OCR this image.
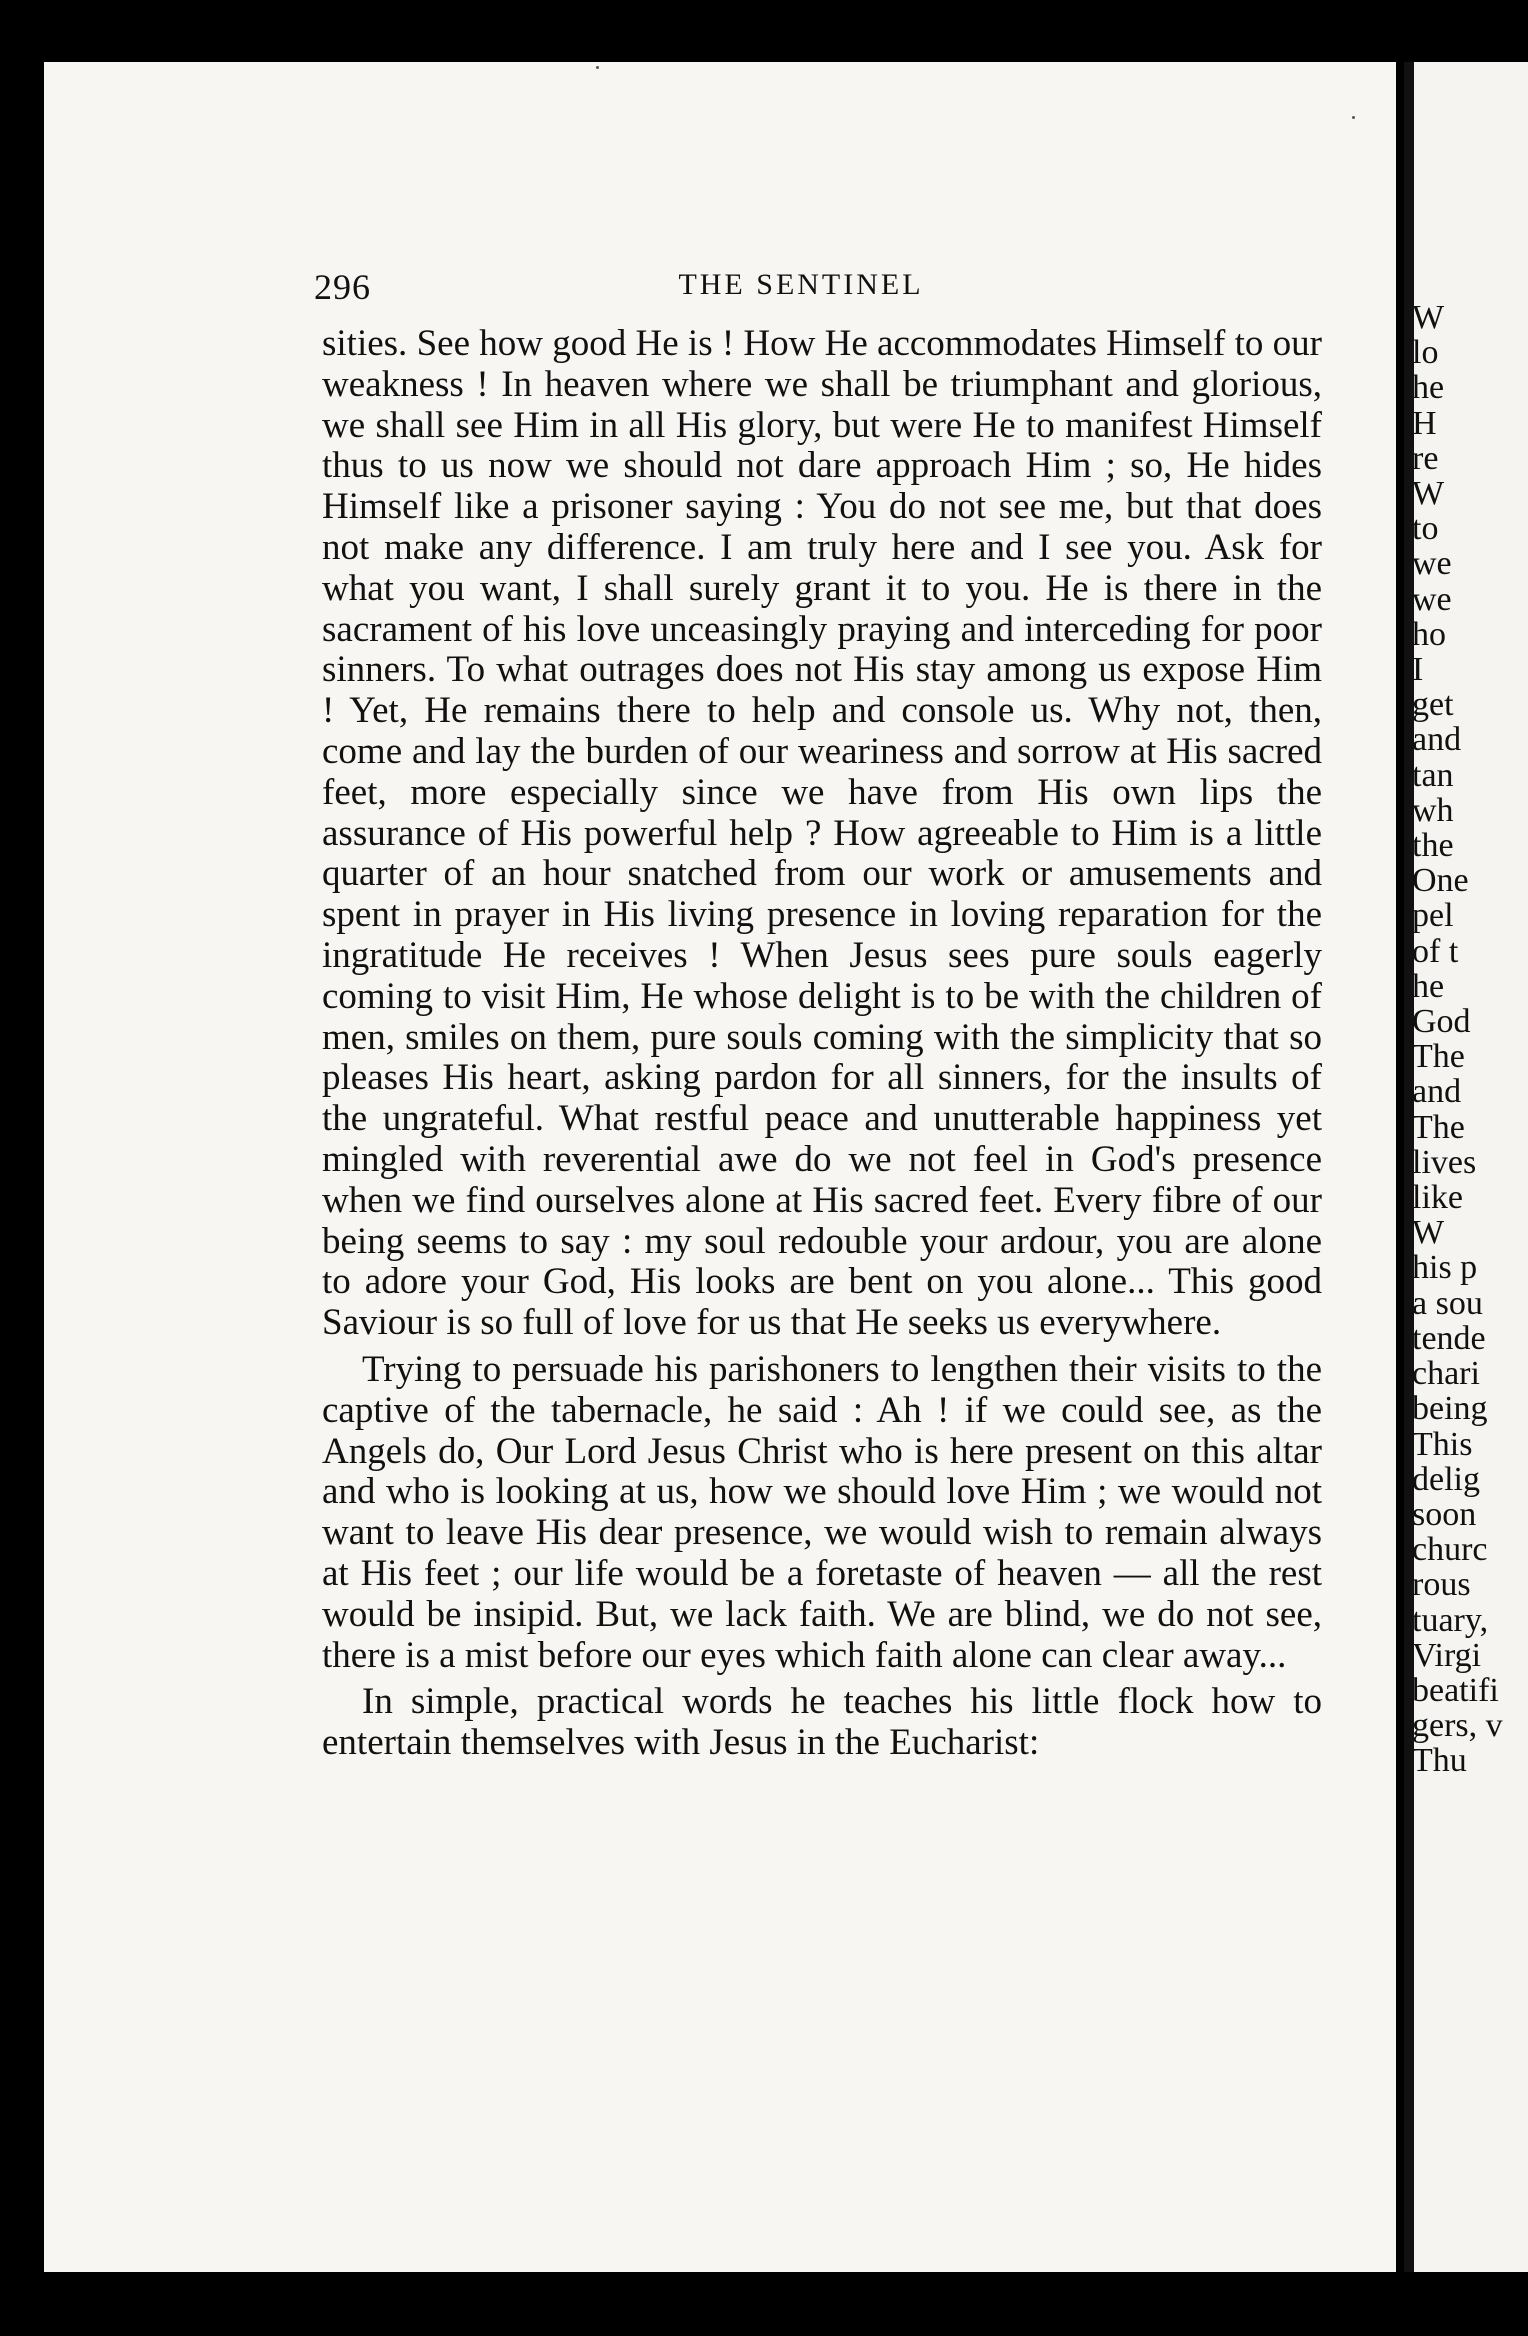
296	THE SENTINEL

sities. See how good He is ! How He accommodates Himself to our weakness ! In heaven where we shall be triumphant and glorious, we shall see Him in all His glory, but were He to manifest Himself thus to us now we should not dare approach Him ; so, He hides Himself like a prisoner saying : You do not see me, but that does not make any difference. I am truly here and I see you. Ask for what you want, I shall surely grant it to you. He is there in the sacrament of his love unceasingly praying and interceding for poor sinners. To what outrages does not His stay among us expose Him ! Yet, He remains there to help and console us. Why not, then, come and lay the burden of our weariness and sorrow at His sacred feet, more especially since we have from His own lips the assurance of His powerful help ? How agreeable to Him is a little quarter of an hour snatched from our work or amusements and spent in prayer in His living presence in loving reparation for the ingratitude He receives ! When Jesus sees pure souls eagerly coming to visit Him, He whose delight is to be with the children of men, smiles on them, pure souls coming with the simplicity that so pleases His heart, asking pardon for all sinners, for the insults of the ungrateful. What restful peace and unutterable happiness yet mingled with reverential awe do we not feel in God's presence when we find ourselves alone at His sacred feet. Every fibre of our being seems to say : my soul redouble your ardour, you are alone to adore your God, His looks are bent on you alone... This good Saviour is so full of love for us that He seeks us everywhere.

Trying to persuade his parishoners to lengthen their visits to the captive of the tabernacle, he said : Ah ! if we could see, as the Angels do, Our Lord Jesus Christ who is here present on this altar and who is looking at us, how we should love Him ; we would not want to leave His dear presence, we would wish to remain always at His feet ; our life would be a foretaste of heaven — all the rest would be insipid. But, we lack faith. We are blind, we do not see, there is a mist before our eyes which faith alone can clear away...

In simple, practical words he teaches his little flock how to entertain themselves with Jesus in the Eucharist:

W
lo
he
H
re
W
to
we
we
ho
I
get
and
tan
wh
the
One
pel
of t
he
God
The
and
The
lives
like
W
his p
a sou
tende
chari
being
This
delig
soon
churc
rous
tuary,
Virgi
beatifi
gers, v
Thu
